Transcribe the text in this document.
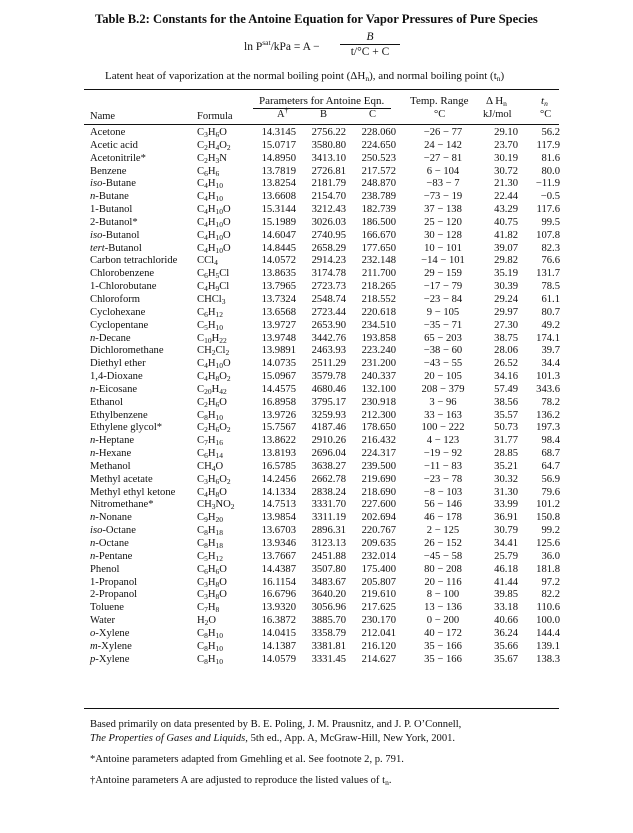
Table B.2: Constants for the Antoine Equation for Vapor Pressures of Pure Species
$\ln P^{sat}$/kPa = A −
B
t/°C + C
Latent heat of vaporization at the normal boiling point $(\Delta H_n)$, and normal boiling point $(t_n)$
Parameters for Antoine Eqn. Temp. Range Δ $H_n$	$t_n$
Name	Formula	A†	B	C	°C	kJ/mol	°C
Acetone	$C_3H_6O$	14.3145	2756.22	228.060	−26 − 77	29.10	56.2
Acetic acid	$C_2H_4O_2$	15.0717	3580.80	224.650	24 − 142	23.70	117.9
Acetonitrile*	$C_2H_3N$	14.8950	3413.10	250.523	−27 − 81	30.19	81.6
Benzene	$C_6H_6$	13.7819	2726.81	217.572	6 − 104	30.72	80.0
iso-Butane	$C_4H_{10}$	13.8254	2181.79	248.870	−83 − 7	21.30	−11.9
n-Butane	$C_4H_{10}$	13.6608	2154.70	238.789	−73 − 19	22.44	−0.5
1-Butanol	$C_4H_{10}O$	15.3144	3212.43	182.739	37 − 138	43.29	117.6
2-Butanol*	$C_4H_{10}O$	15.1989	3026.03	186.500	25 − 120	40.75	99.5
iso-Butanol	$C_4H_{10}O$	14.6047	2740.95	166.670	30 − 128	41.82	107.8
tert-Butanol	$C_4H_{10}O$	14.8445	2658.29	177.650	10 − 101	39.07	82.3
Carbon tetrachloride CCl$_4$	14.0572	2914.23	232.148	−14 − 101	29.82	76.6
Chlorobenzene	$C_6H_5Cl$	13.8635	3174.78	211.700	29 − 159	35.19	131.7
1-Chlorobutane	$C_4H_9Cl$	13.7965	2723.73	218.265	−17 − 79	30.39	78.5
Chloroform	CHCl$_3$	13.7324	2548.74	218.552	−23 − 84	29.24	61.1
Cyclohexane	$C_6H_{12}$	13.6568	2723.44	220.618	9 − 105	29.97	80.7
Cyclopentane	$C_5H_{10}$	13.9727	2653.90	234.510	−35 − 71	27.30	49.2
n-Decane	$C_{10}H_{22}$	13.9748	3442.76	193.858	65 − 203	38.75	174.1
Dichloromethane	$CH_2Cl_2$	13.9891	2463.93	223.240	−38 − 60	28.06	39.7
Diethyl ether	$C_4H_{10}O$	14.0735	2511.29	231.200	−43 − 55	26.52	34.4
1,4-Dioxane	$C_4H_8O_2$	15.0967	3579.78	240.337	20 − 105	34.16	101.3
n-Eicosane	$C_{20}H_{42}$	14.4575	4680.46	132.100	208 − 379	57.49	343.6
Ethanol	$C_2H_6O$	16.8958	3795.17	230.918	3 − 96	38.56	78.2
Ethylbenzene	$C_8H_{10}$	13.9726	3259.93	212.300	33 − 163	35.57	136.2
Ethylene glycol*	$C_2H_6O_2$	15.7567	4187.46	178.650	100 − 222	50.73	197.3
n-Heptane	$C_7H_{16}$	13.8622	2910.26	216.432	4 − 123	31.77	98.4
n-Hexane	$C_6H_{14}$	13.8193	2696.04	224.317	−19 − 92	28.85	68.7
Methanol	$CH_4O$	16.5785	3638.27	239.500	−11 − 83	35.21	64.7
Methyl acetate	$C_3H_6O_2$	14.2456	2662.78	219.690	−23 − 78	30.32	56.9
Methyl ethyl ketone $C_4H_8O$	14.1334	2838.24	218.690	−8 − 103	31.30	79.6
Nitromethane*	$CH_3NO_2$	14.7513	3331.70	227.600	56 − 146	33.99	101.2
n-Nonane	$C_9H_{20}$	13.9854	3311.19	202.694	46 − 178	36.91	150.8
iso-Octane	$C_8H_{18}$	13.6703	2896.31	220.767	2 − 125	30.79	99.2
n-Octane	$C_8H_{18}$	13.9346	3123.13	209.635	26 − 152	34.41	125.6
n-Pentane	$C_5H_{12}$	13.7667	2451.88	232.014	−45 − 58	25.79	36.0
Phenol	$C_6H_6O$	14.4387	3507.80	175.400	80 − 208	46.18	181.8
1-Propanol	$C_3H_8O$	16.1154	3483.67	205.807	20 − 116	41.44	97.2
2-Propanol	$C_3H_8O$	16.6796	3640.20	219.610	8 − 100	39.85	82.2
Toluene	$C_7H_8$	13.9320	3056.96	217.625	13 − 136	33.18	110.6
Water	$H_2O$	16.3872	3885.70	230.170	0 − 200	40.66	100.0
o-Xylene	$C_8H_{10}$	14.0415	3358.79	212.041	40 − 172	36.24	144.4
m-Xylene	$C_8H_{10}$	14.1387	3381.81	216.120	35 − 166	35.66	139.1
p-Xylene	$C_8H_{10}$	14.0579	3331.45	214.627	35 − 166	35.67	138.3

Based primarily on data presented by B. E. Poling, J. M. Prausnitz, and J. P. O’Connell,
The Properties of Gases and Liquids, 5th ed., App. A, McGraw-Hill, New York, 2001.

*Antoine parameters adapted from Gmehling et al. See footnote 2, p. 791.

†Antoine parameters A are adjusted to reproduce the listed values of $t_n$.
